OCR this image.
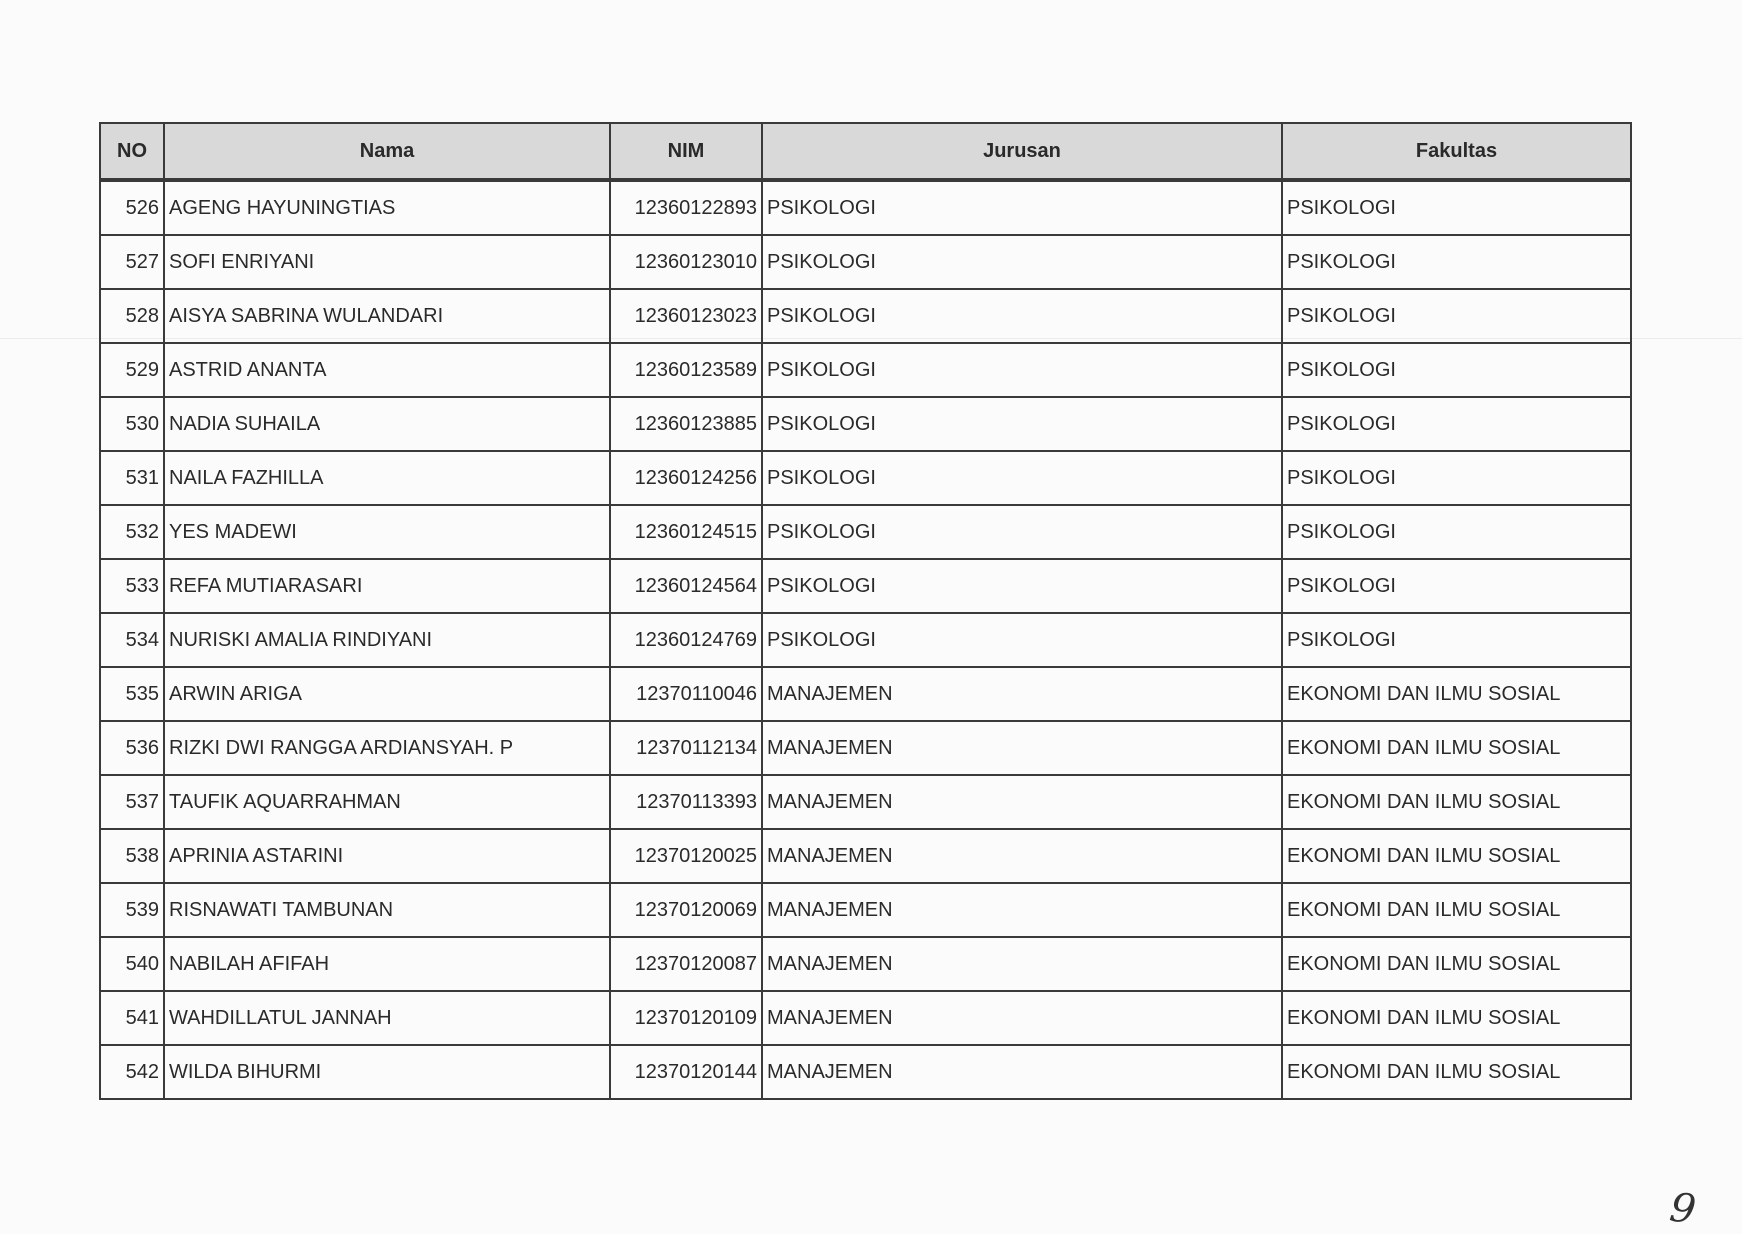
NO	Nama	NIM	Jurusan	Fakultas
526	AGENG HAYUNINGTIAS	12360122893	PSIKOLOGI	PSIKOLOGI
527	SOFI ENRIYANI	12360123010	PSIKOLOGI	PSIKOLOGI
528	AISYA SABRINA WULANDARI	12360123023	PSIKOLOGI	PSIKOLOGI
529	ASTRID ANANTA	12360123589	PSIKOLOGI	PSIKOLOGI
530	NADIA SUHAILA	12360123885	PSIKOLOGI	PSIKOLOGI
531	NAILA FAZHILLA	12360124256	PSIKOLOGI	PSIKOLOGI
532	YES MADEWI	12360124515	PSIKOLOGI	PSIKOLOGI
533	REFA MUTIARASARI	12360124564	PSIKOLOGI	PSIKOLOGI
534	NURISKI AMALIA RINDIYANI	12360124769	PSIKOLOGI	PSIKOLOGI
535	ARWIN ARIGA	12370110046	MANAJEMEN	EKONOMI DAN ILMU SOSIAL
536	RIZKI DWI RANGGA ARDIANSYAH. P	12370112134	MANAJEMEN	EKONOMI DAN ILMU SOSIAL
537	TAUFIK AQUARRAHMAN	12370113393	MANAJEMEN	EKONOMI DAN ILMU SOSIAL
538	APRINIA ASTARINI	12370120025	MANAJEMEN	EKONOMI DAN ILMU SOSIAL
539	RISNAWATI TAMBUNAN	12370120069	MANAJEMEN	EKONOMI DAN ILMU SOSIAL
540	NABILAH AFIFAH	12370120087	MANAJEMEN	EKONOMI DAN ILMU SOSIAL
541	WAHDILLATUL JANNAH	12370120109	MANAJEMEN	EKONOMI DAN ILMU SOSIAL
542	WILDA BIHURMI	12370120144	MANAJEMEN	EKONOMI DAN ILMU SOSIAL
9
